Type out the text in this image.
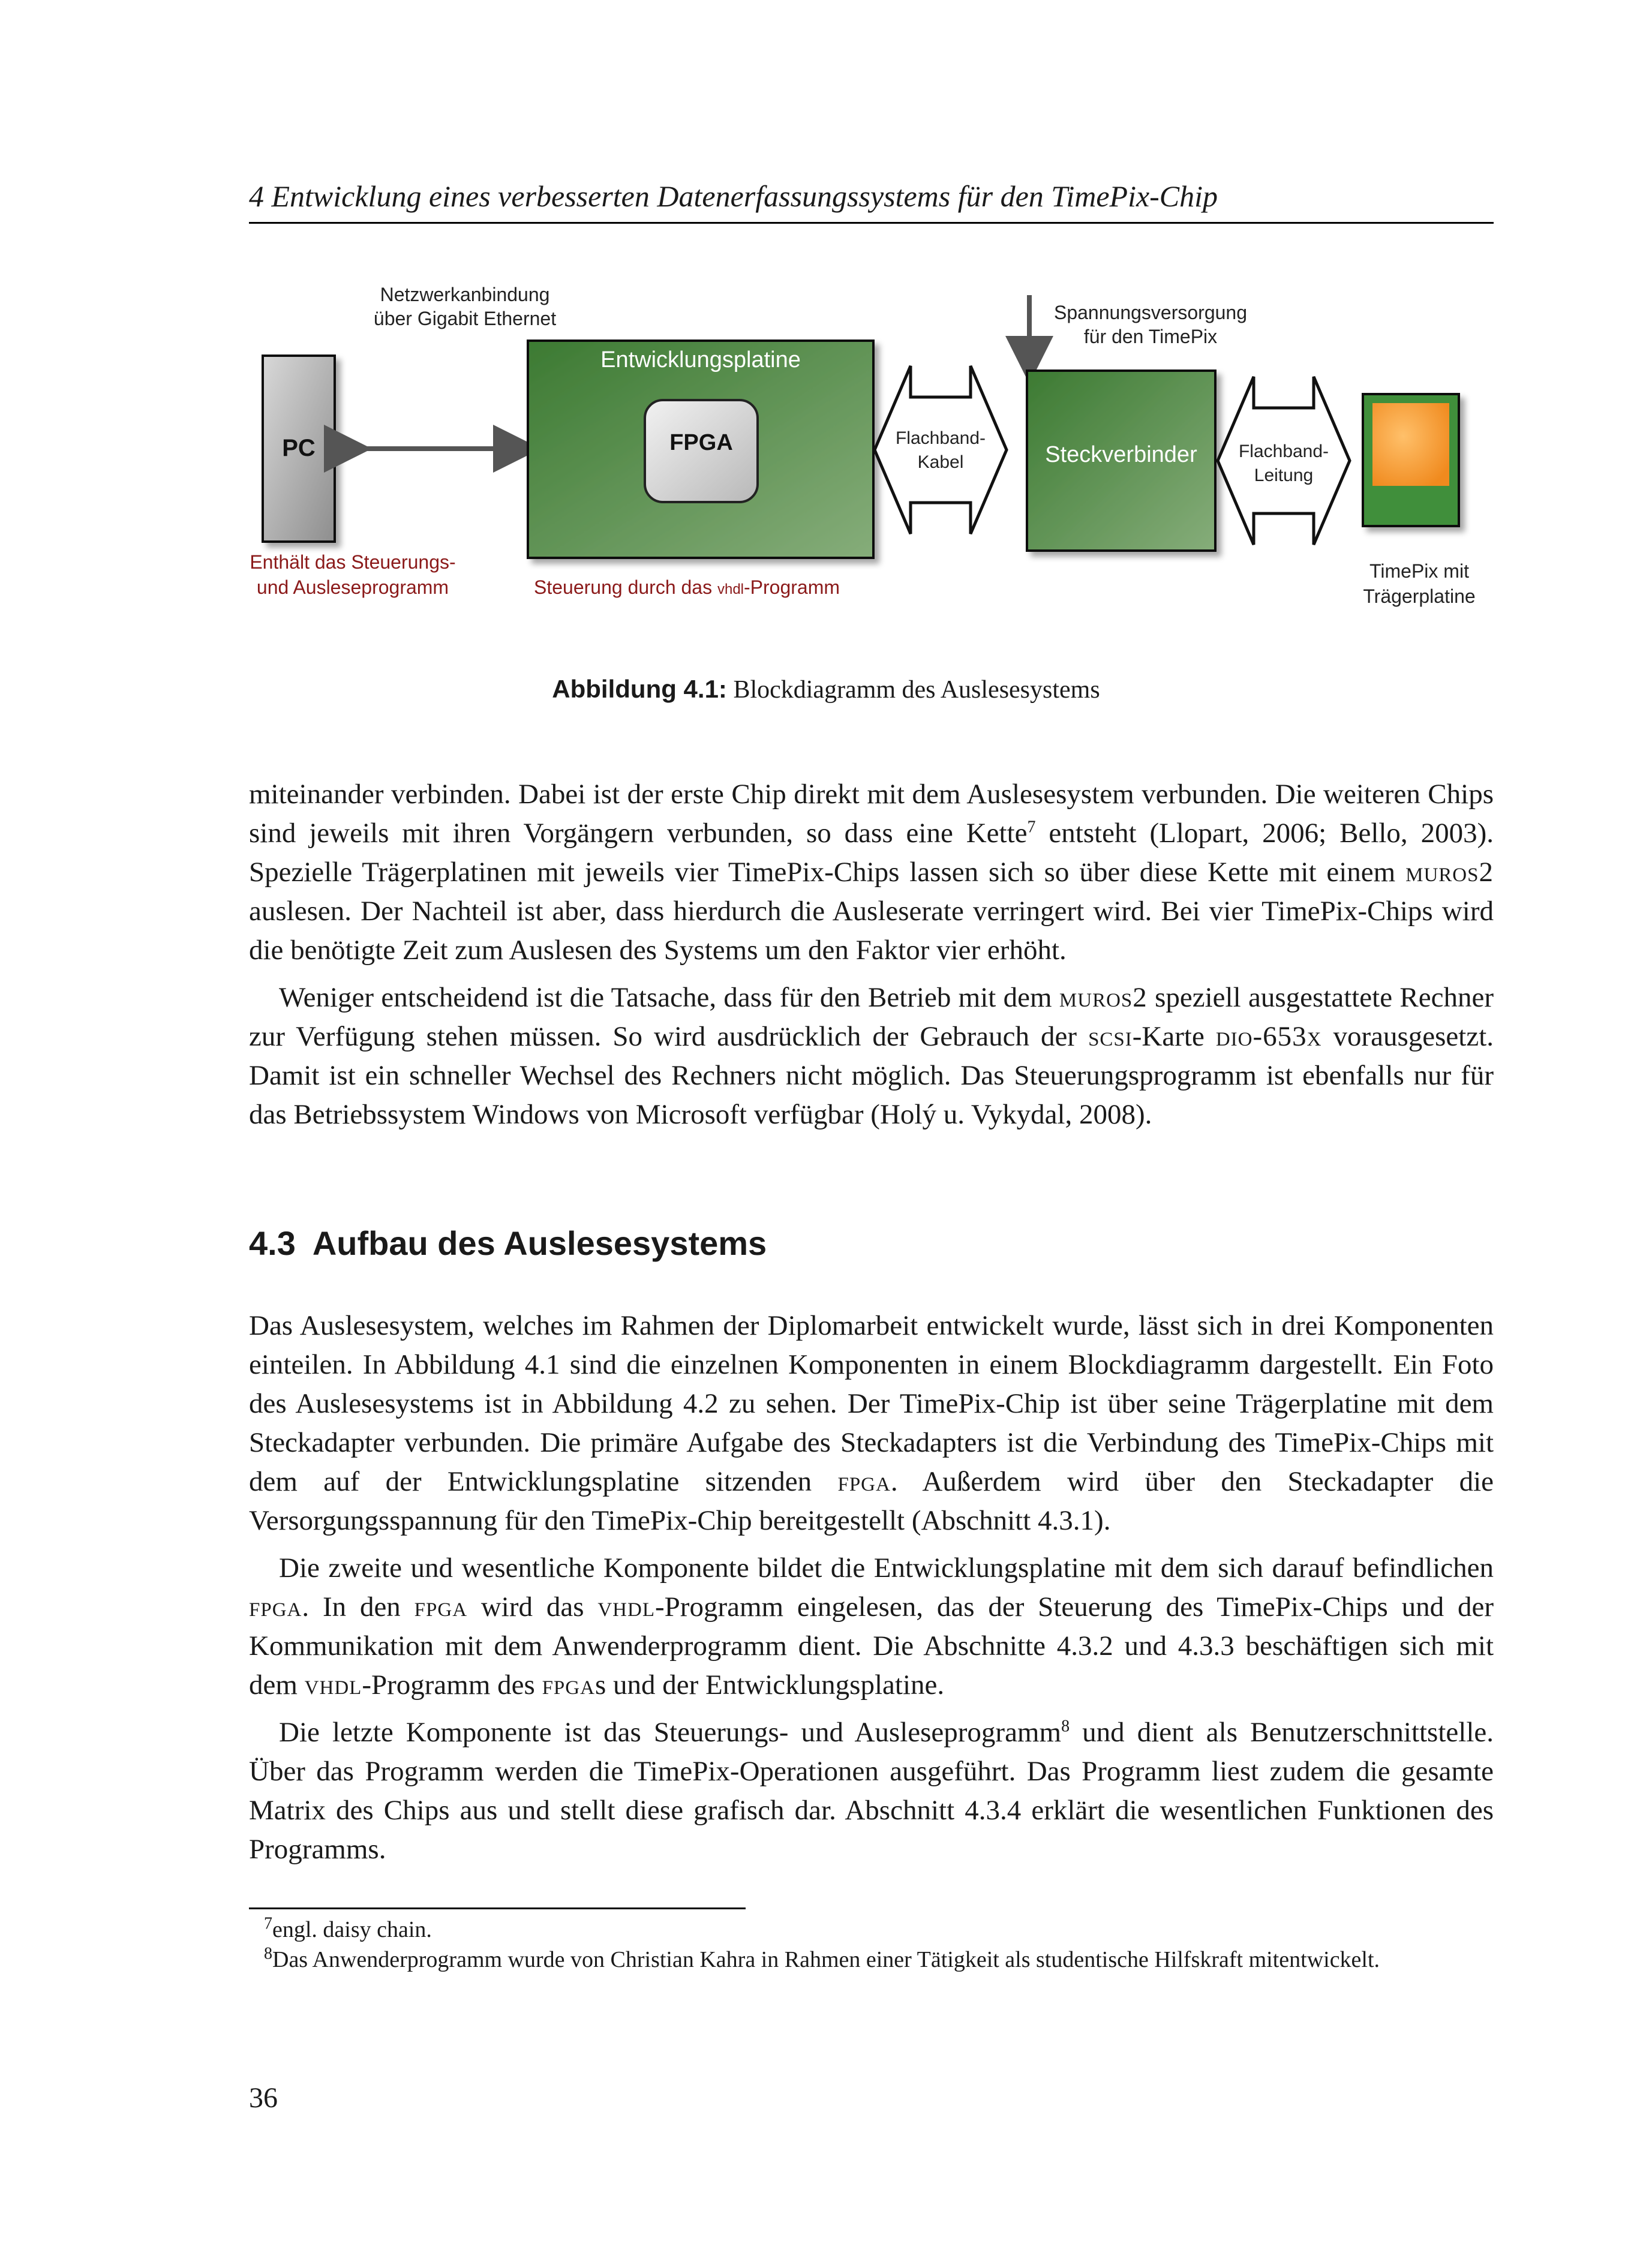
4 Entwicklung eines verbesserten Datenerfassungssystems für den TimePix-Chip
PC
Netzwerkanbindung
über Gigabit Ethernet
Entwicklungsplatine
FPGA	Flachband-
Kabel
Spannungsversorgung
für den TimePix
Steckverbinder Flachband-
Leitung
Enthält das Steuerungs-
und Ausleseprogramm	Steuerung durch das vhdl-Programm
TimePix mit
Trägerplatine
Abbildung 4.1: Blockdiagramm des Auslesesystems

miteinander verbinden. Dabei ist der erste Chip direkt mit dem Auslesesystem verbunden. Die weiteren Chips sind jeweils mit ihren Vorgängern verbunden, so dass eine Kette$^7$ entsteht (Llopart, 2006; Bello, 2003). Spezielle Trägerplatinen mit jeweils vier TimePix-Chips lassen sich so über diese Kette mit einem muros2 auslesen. Der Nachteil ist aber, dass hierdurch die Ausleserate verringert wird. Bei vier TimePix-Chips wird die benötigte Zeit zum Auslesen des Systems um den Faktor vier erhöht.

Weniger entscheidend ist die Tatsache, dass für den Betrieb mit dem muros2 speziell ausgestattete Rechner zur Verfügung stehen müssen. So wird ausdrücklich der Gebrauch der scsi-Karte dio-653x vorausgesetzt. Damit ist ein schneller Wechsel des Rechners nicht möglich. Das Steuerungsprogramm ist ebenfalls nur für das Betriebssystem Windows von Microsoft verfügbar (Holý u. Vykydal, 2008).

4.3 Aufbau des Auslesesystems

Das Auslesesystem, welches im Rahmen der Diplomarbeit entwickelt wurde, lässt sich in drei Komponenten einteilen. In Abbildung 4.1 sind die einzelnen Komponenten in einem Blockdiagramm dargestellt. Ein Foto des Auslesesystems ist in Abbildung 4.2 zu sehen. Der TimePix-Chip ist über seine Trägerplatine mit dem Steckadapter verbunden. Die primäre Aufgabe des Steckadapters ist die Verbindung des TimePix-Chips mit dem auf der Entwicklungsplatine sitzenden fpga. Außerdem wird über den Steckadapter die Versorgungsspannung für den TimePix-Chip bereitgestellt (Abschnitt 4.3.1).

Die zweite und wesentliche Komponente bildet die Entwicklungsplatine mit dem sich darauf befindlichen fpga. In den fpga wird das vhdl-Programm eingelesen, das der Steuerung des TimePix-Chips und der Kommunikation mit dem Anwenderprogramm dient. Die Abschnitte 4.3.2 und 4.3.3 beschäftigen sich mit dem vhdl-Programm des fpgas und der Entwicklungsplatine.

Die letzte Komponente ist das Steuerungs- und Ausleseprogramm$^8$ und dient als Benutzerschnittstelle. Über das Programm werden die TimePix-Operationen ausgeführt. Das Programm liest zudem die gesamte Matrix des Chips aus und stellt diese grafisch dar. Abschnitt 4.3.4 erklärt die wesentlichen Funktionen des Programms.

$^7$engl. daisy chain.
$^8$Das Anwenderprogramm wurde von Christian Kahra in Rahmen einer Tätigkeit als studentische Hilfskraft mitentwickelt.
36
